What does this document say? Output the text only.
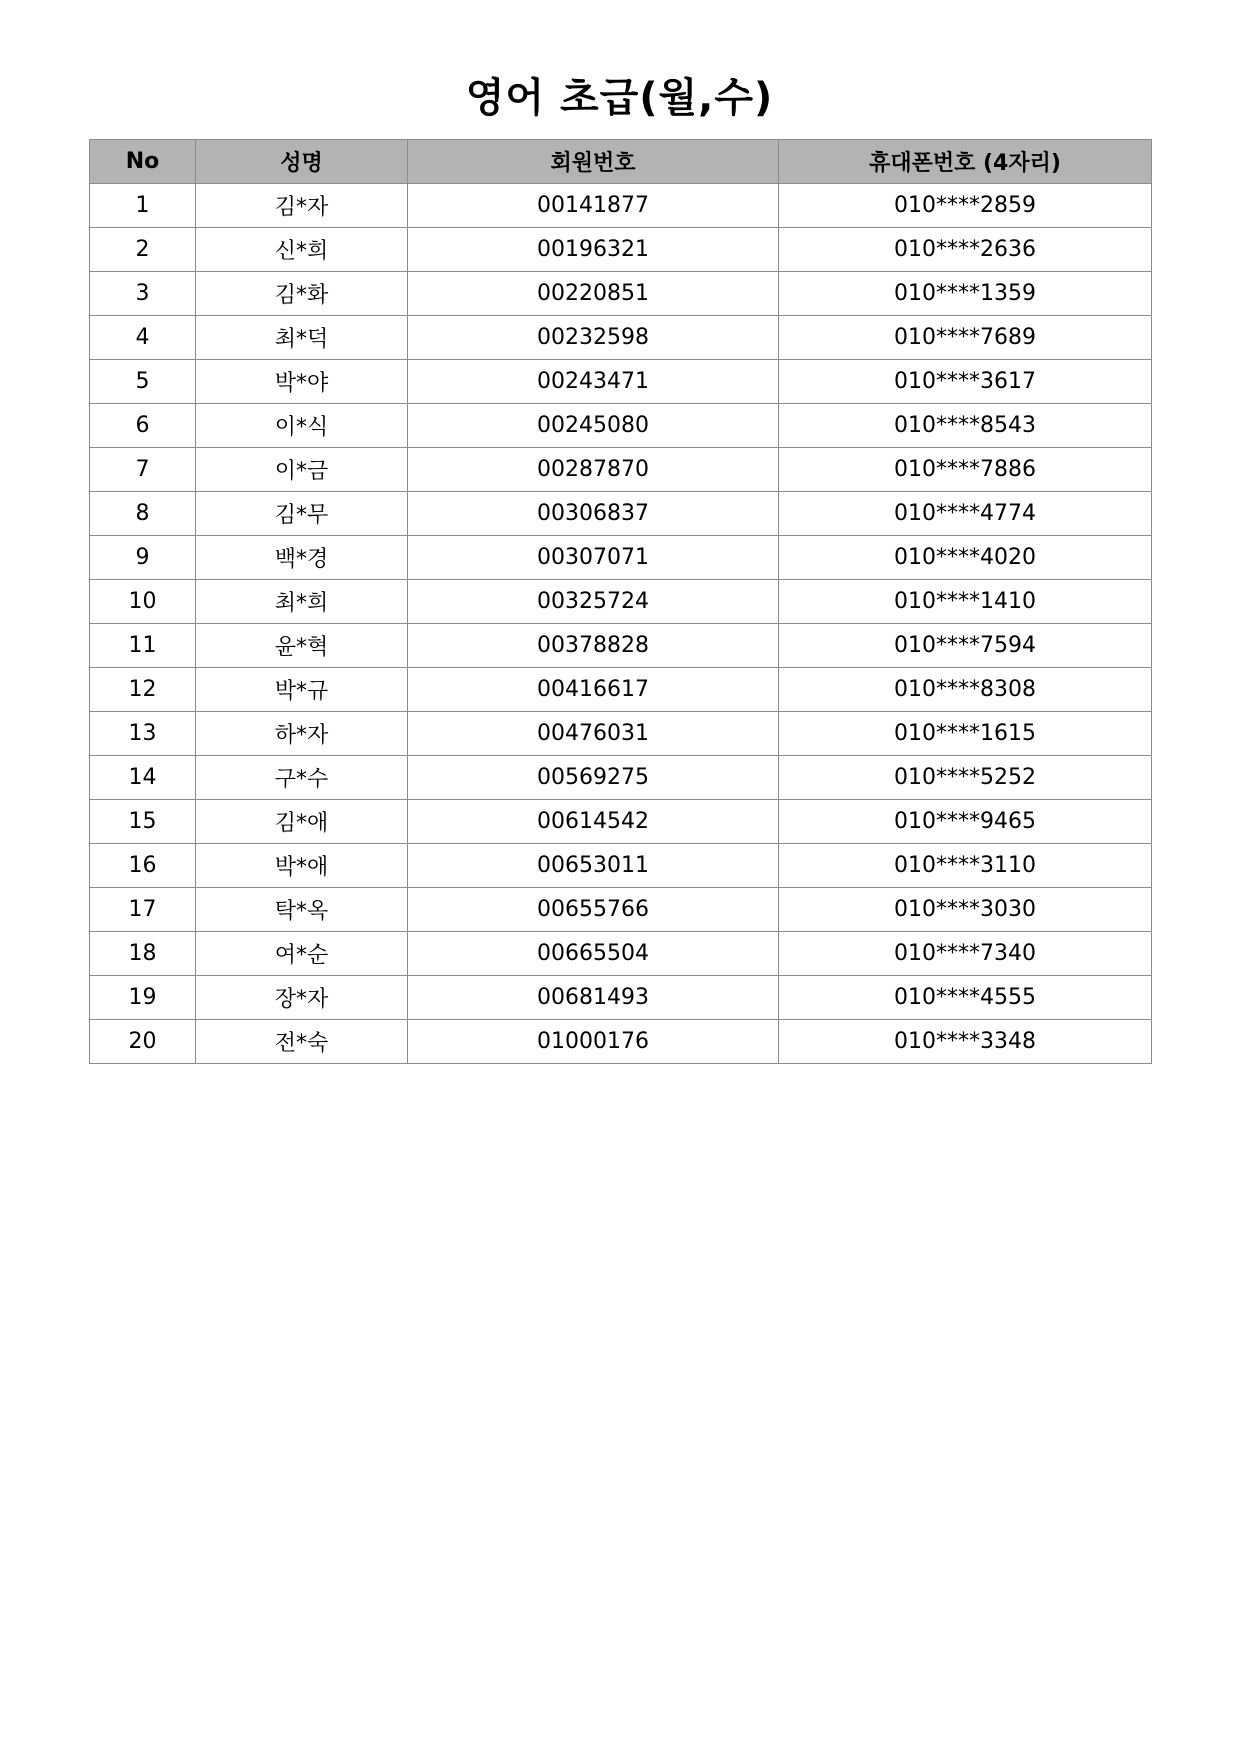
영어 초급(월,수)
No	성명	회원번호	휴대폰번호 (4자리)
1	김*자	00141877	010****2859
2	신*희	00196321	010****2636
3	김*화	00220851	010****1359
4	최*덕	00232598	010****7689
5	박*야	00243471	010****3617
6	이*식	00245080	010****8543
7	이*금	00287870	010****7886
8	김*무	00306837	010****4774
9	백*경	00307071	010****4020
10	최*희	00325724	010****1410
11	윤*혁	00378828	010****7594
12	박*규	00416617	010****8308
13	하*자	00476031	010****1615
14	구*수	00569275	010****5252
15	김*애	00614542	010****9465
16	박*애	00653011	010****3110
17	탁*옥	00655766	010****3030
18	여*순	00665504	010****7340
19	장*자	00681493	010****4555
20	전*숙	01000176	010****3348
